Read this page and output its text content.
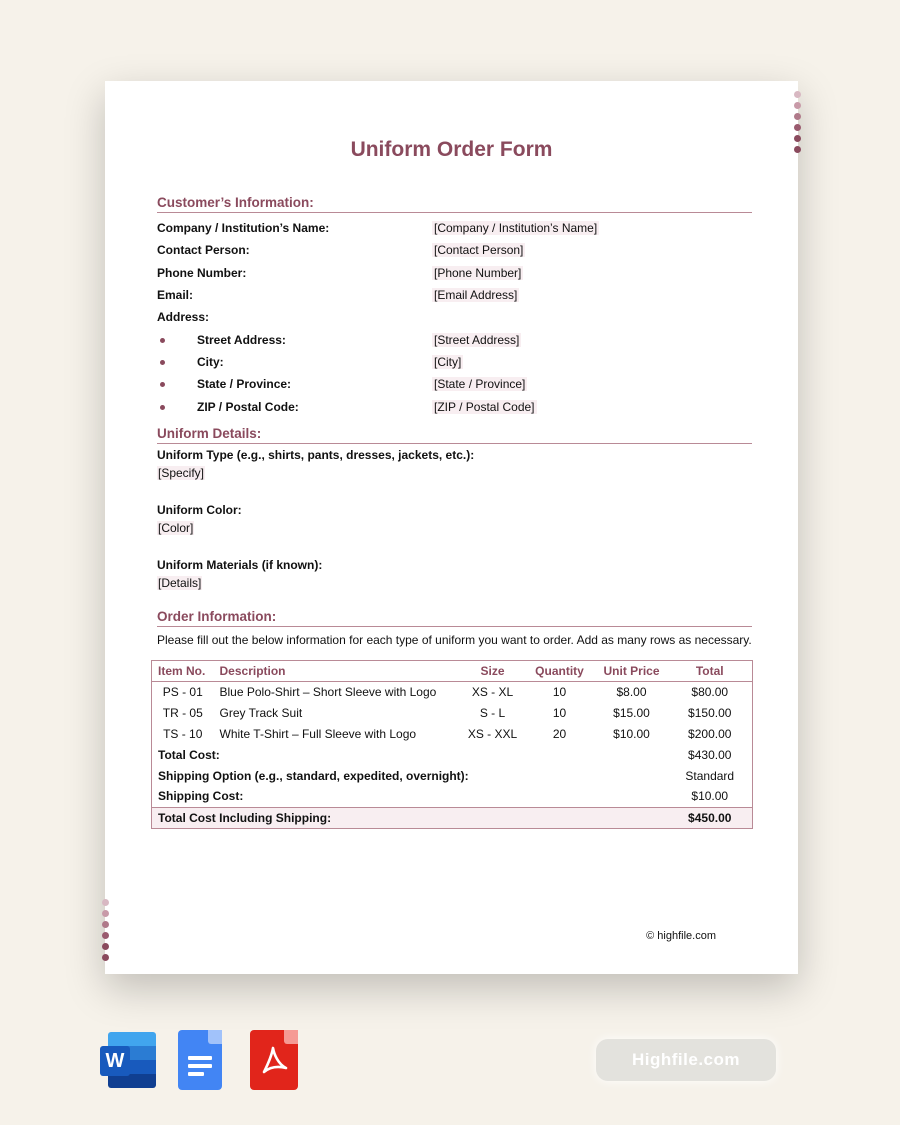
Uniform Order Form
Customer’s Information:
Company / Institution’s Name:	[Company / Institution’s Name]
Contact Person:	[Contact Person]
Phone Number:	[Phone Number]
Email:	[Email Address]
Address:
Street Address:	[Street Address]
City:	[City]
State / Province:	[State / Province]
ZIP / Postal Code:	[ZIP / Postal Code]
Uniform Details:
Uniform Type (e.g., shirts, pants, dresses, jackets, etc.):
[Specify]
Uniform Color:
[Color]
Uniform Materials (if known):
[Details]
Order Information:
Please fill out the below information for each type of uniform you want to order. Add as many rows as necessary.
Item No.	Description	Size	Quantity	Unit Price	Total
PS - 01	Blue Polo-Shirt – Short Sleeve with Logo	XS - XL	10	$8.00	$80.00
TR - 05	Grey Track Suit	S - L	10	$15.00	$150.00
TS - 10	White T-Shirt – Full Sleeve with Logo	XS - XXL	20	$10.00	$200.00
Total Cost:					$430.00
Shipping Option (e.g., standard, expedited, overnight):					Standard
Shipping Cost:					$10.00
Total Cost Including Shipping:					$450.00
© highfile.com
W	Highfile.com
